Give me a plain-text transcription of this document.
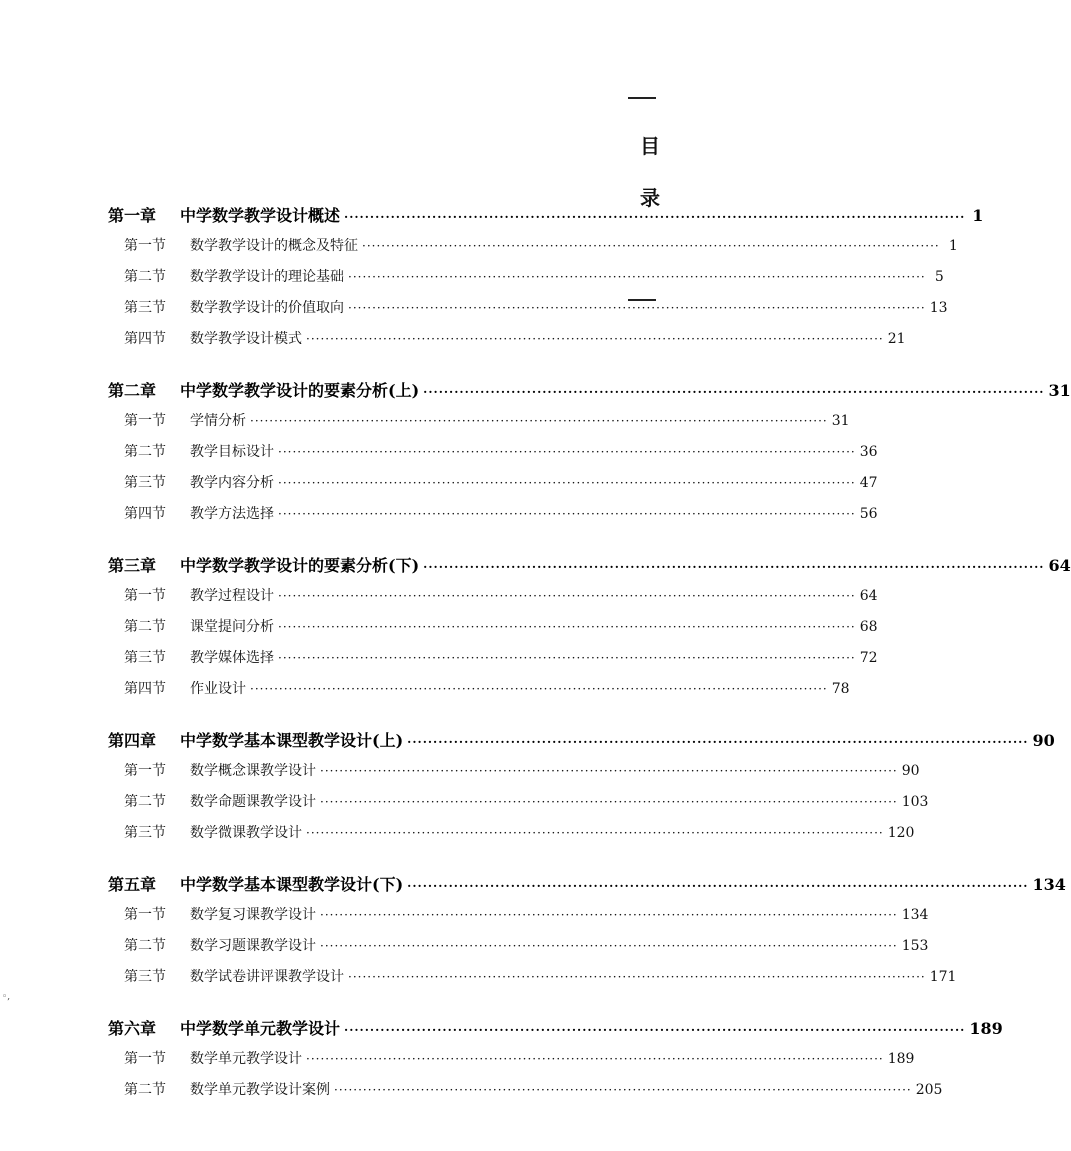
目
录
第一章	中学数学教学设计概述 ························································································································ 1
第一节	数学教学设计的概念及特征 ························································································································ 1
第二节	数学教学设计的理论基础 ························································································································ 5
第三节	数学教学设计的价值取向 ························································································································ 13
第四节	数学教学设计模式 ························································································································ 21
第二章	中学数学教学设计的要素分析(上) ························································································································ 31
第一节	学情分析 ························································································································ 31
第二节	教学目标设计 ························································································································ 36
第三节	教学内容分析 ························································································································ 47
第四节	教学方法选择 ························································································································ 56
第三章	中学数学教学设计的要素分析(下) ························································································································ 64
第一节	教学过程设计 ························································································································ 64
第二节	课堂提问分析 ························································································································ 68
第三节	教学媒体选择 ························································································································ 72
第四节	作业设计 ························································································································ 78
第四章	中学数学基本课型教学设计(上) ························································································································ 90
第一节	数学概念课教学设计 ························································································································ 90
第二节	数学命题课教学设计 ························································································································ 103
第三节	数学微课教学设计 ························································································································ 120
第五章	中学数学基本课型教学设计(下) ························································································································ 134
第一节	数学复习课教学设计 ························································································································ 134
第二节	数学习题课教学设计 ························································································································ 153
第三节	数学试卷讲评课教学设计 ························································································································ 171
第六章	中学数学单元教学设计 ························································································································ 189
第一节	数学单元教学设计 ························································································································ 189
第二节	数学单元教学设计案例 ························································································································ 205
◦,
